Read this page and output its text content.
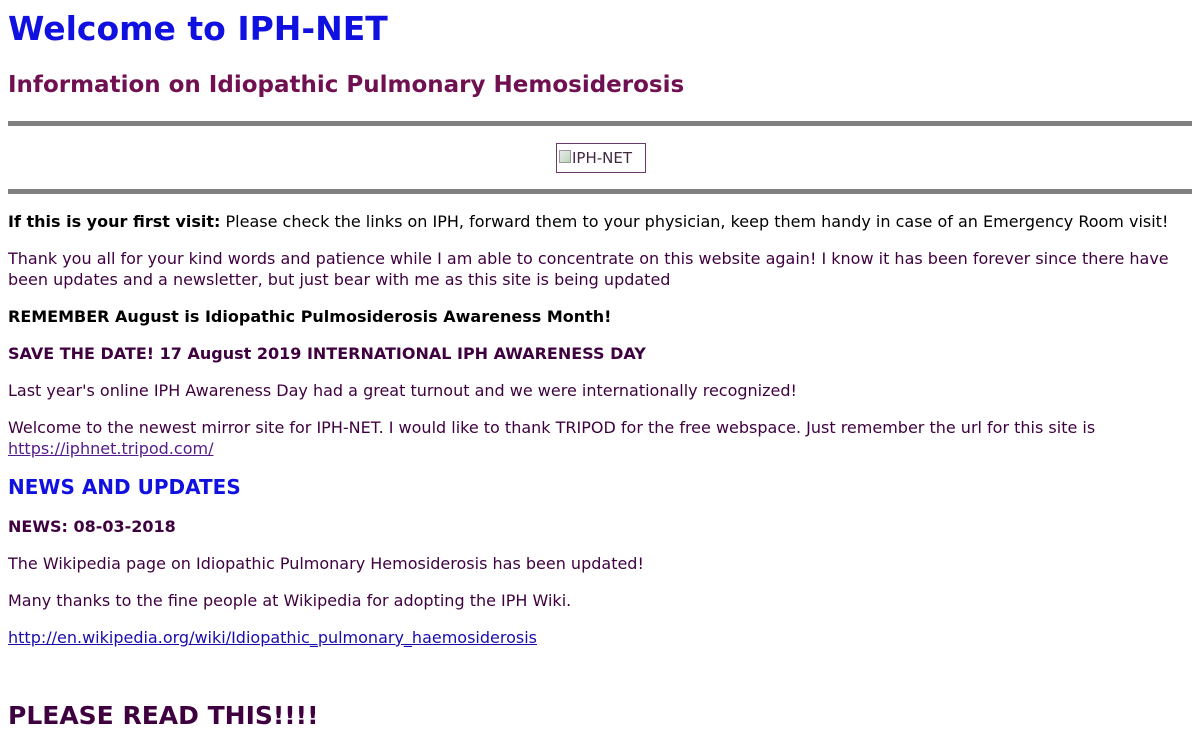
Welcome to IPH-NET
Information on Idiopathic Pulmonary Hemosiderosis
IPH-NET

If this is your first visit: Please check the links on IPH, forward them to your physician, keep them handy in case of an Emergency Room visit!

Thank you all for your kind words and patience while I am able to concentrate on this website again! I know it has been forever since there have been updates and a newsletter, but just bear with me as this site is being updated

REMEMBER August is Idiopathic Pulmosiderosis Awareness Month!

SAVE THE DATE! 17 August 2019 INTERNATIONAL IPH AWARENESS DAY

Last year's online IPH Awareness Day had a great turnout and we were internationally recognized!

Welcome to the newest mirror site for IPH-NET. I would like to thank TRIPOD for the free webspace. Just remember the url for this site is
https://iphnet.tripod.com/

NEWS AND UPDATES

NEWS: 08-03-2018

The Wikipedia page on Idiopathic Pulmonary Hemosiderosis has been updated!

Many thanks to the fine people at Wikipedia for adopting the IPH Wiki.

http://en.wikipedia.org/wiki/Idiopathic_pulmonary_haemosiderosis

PLEASE READ THIS!!!!
